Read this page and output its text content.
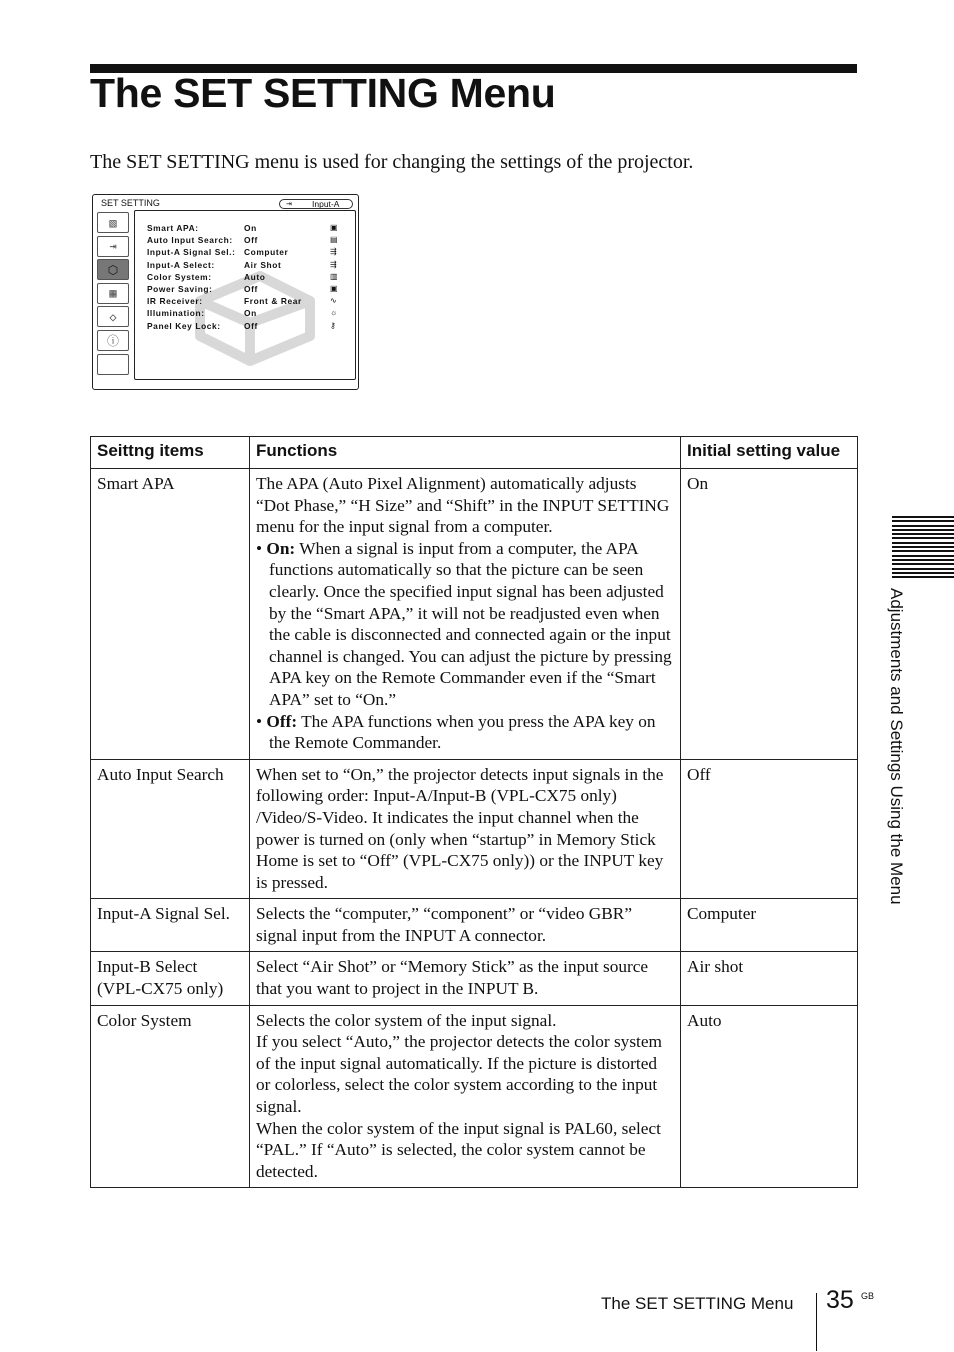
The SET SETTING Menu
The SET SETTING menu is used for changing the settings of the projector.
SET SETTING	⇥ Input-A
▧
⇥
⬡
▦
◇
ⓘ
Smart APA:	On	▣
Auto Input Search: Off	▤
Input-A Signal Sel.: Computer	⇶
Input-A Select:	Air Shot	⇶
Color System:	Auto	▥
Power Saving:	Off	▣
IR Receiver:	Front & Rear	∿
Illumination:	On	☼
Panel Key Lock:	Off	⚷
Seittng items	Functions	Initial setting value
Smart APA	The APA (Auto Pixel Alignment) automatically adjusts “Dot Phase,” “H Size” and “Shift” in the INPUT SETTING menu for the input signal from a computer.
• On: When a signal is input from a computer, the APA functions automatically so that the picture can be seen clearly. Once the specified input signal has been adjusted by the “Smart APA,” it will not be readjusted even when the cable is disconnected and connected again or the input channel is changed. You can adjust the picture by pressing APA key on the Remote Commander even if the “Smart APA” set to “On.”
• Off: The APA functions when you press the APA key on the Remote Commander.	On
Auto Input Search	When set to “On,” the projector detects input signals in the following order: Input-A/Input-B (VPL-CX75 only) /Video/S-Video. It indicates the input channel when the power is turned on (only when “startup” in Memory Stick Home is set to “Off” (VPL-CX75 only)) or the INPUT key is pressed.	Off
Input-A Signal Sel.	Selects the “computer,” “component” or “video GBR” signal input from the INPUT A connector.	Computer
Input-B Select (VPL-CX75 only)	Select “Air Shot” or “Memory Stick” as the input source that you want to project in the INPUT B.	Air shot
Color System	Selects the color system of the input signal.
If you select “Auto,” the projector detects the color system of the input signal automatically. If the picture is distorted or colorless, select the color system according to the input signal.
When the color system of the input signal is PAL60, select “PAL.” If “Auto” is selected, the color system cannot be detected.	Auto
Adjustments and Settings Using the Menu
The SET SETTING Menu 35 GB
